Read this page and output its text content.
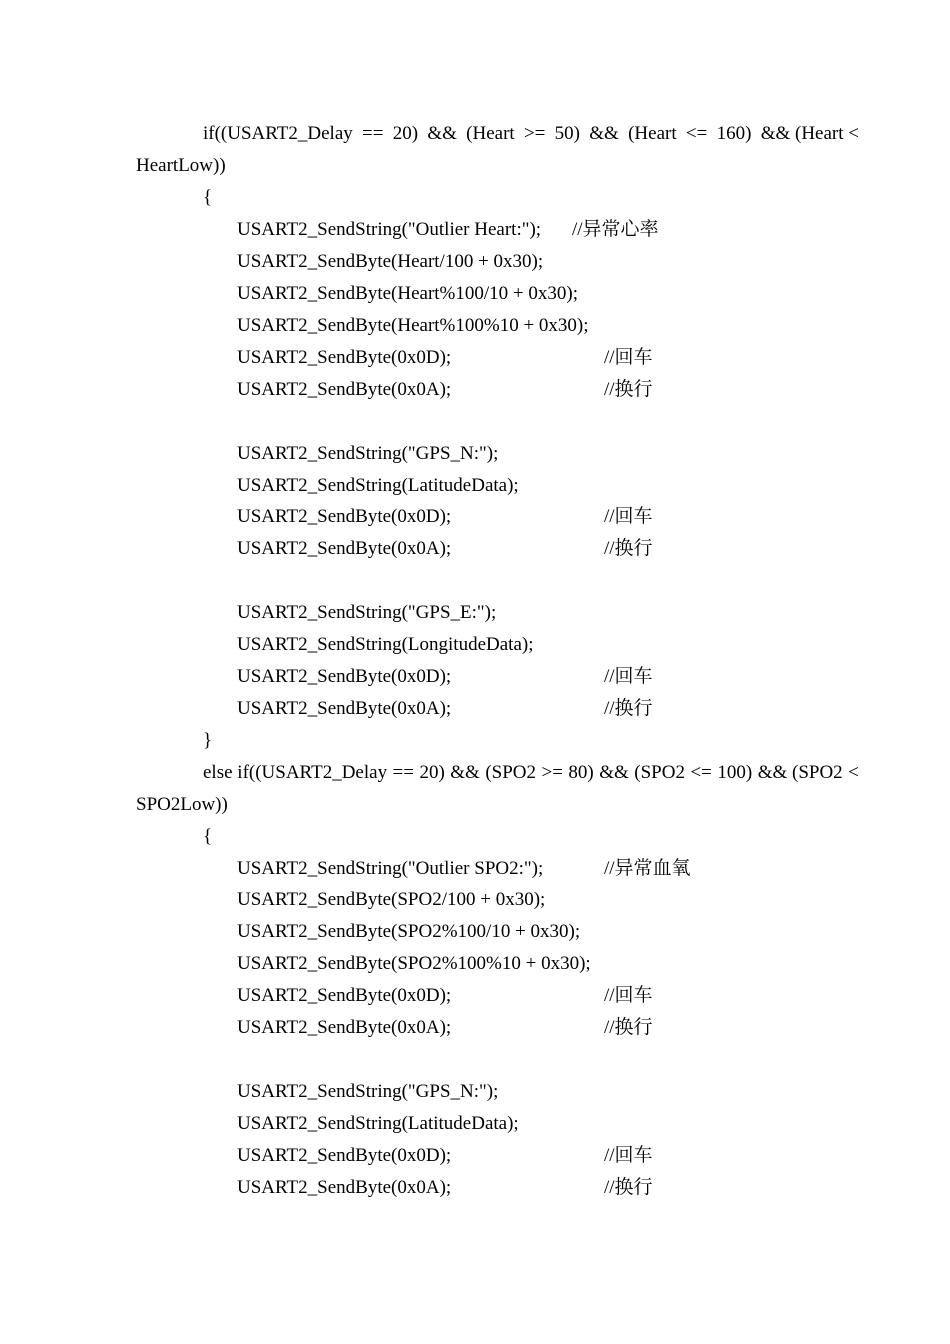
if((USART2_Delay == 20) && (Heart >= 50) && (Heart <= 160) && (Heart <
HeartLow))
{
USART2_SendString("Outlier Heart:"); //异常心率
USART2_SendByte(Heart/100 + 0x30);
USART2_SendByte(Heart%100/10 + 0x30);
USART2_SendByte(Heart%100%10 + 0x30);
USART2_SendByte(0x0D);	//回车
USART2_SendByte(0x0A);	//换行
USART2_SendString("GPS_N:");
USART2_SendString(LatitudeData);
USART2_SendByte(0x0D);	//回车
USART2_SendByte(0x0A);	//换行
USART2_SendString("GPS_E:");
USART2_SendString(LongitudeData);
USART2_SendByte(0x0D);	//回车
USART2_SendByte(0x0A);	//换行
}
else if((USART2_Delay == 20) && (SPO2 >= 80) && (SPO2 <= 100) && (SPO2 <
SPO2Low))
{
USART2_SendString("Outlier SPO2:");	//异常血氧
USART2_SendByte(SPO2/100 + 0x30);
USART2_SendByte(SPO2%100/10 + 0x30);
USART2_SendByte(SPO2%100%10 + 0x30);
USART2_SendByte(0x0D);	//回车
USART2_SendByte(0x0A);	//换行
USART2_SendString("GPS_N:");
USART2_SendString(LatitudeData);
USART2_SendByte(0x0D);	//回车
USART2_SendByte(0x0A);	//换行
